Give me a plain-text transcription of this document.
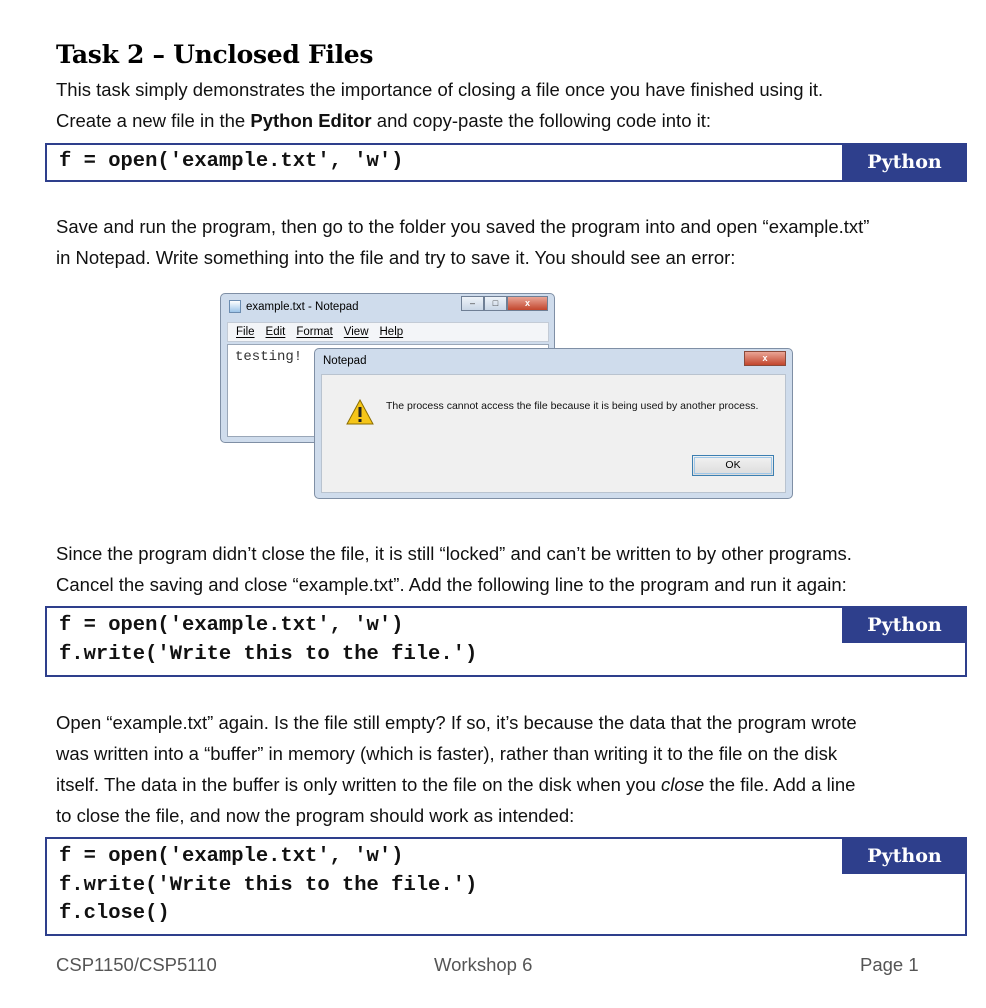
Task 2 – Unclosed Files

This task simply demonstrates the importance of closing a file once you have finished using it.

Create a new file in the Python Editor and copy-paste the following code into it:

f = open('example.txt', 'w')	Python

Save and run the program, then go to the folder you saved the program into and open “example.txt”

in Notepad. Write something into the file and try to save it. You should see an error:

example.txt - Notepad	–	□	x
File Edit Format View Help
testing! Notepad	x
The process cannot access the file because it is being used by another process.
OK

Since the program didn’t close the file, it is still “locked” and can’t be written to by other programs.

Cancel the saving and close “example.txt”. Add the following line to the program and run it again:

f = open('example.txt', 'w')
f.write('Write this to the file.')
Python

Open “example.txt” again. Is the file still empty? If so, it’s because the data that the program wrote

was written into a “buffer” in memory (which is faster), rather than writing it to the file on the disk

itself. The data in the buffer is only written to the file on the disk when you close the file. Add a line

to close the file, and now the program should work as intended:

f = open('example.txt', 'w')
f.write('Write this to the file.')
f.close()
Python
CSP1150/CSP5110	Workshop 6	Page 1
